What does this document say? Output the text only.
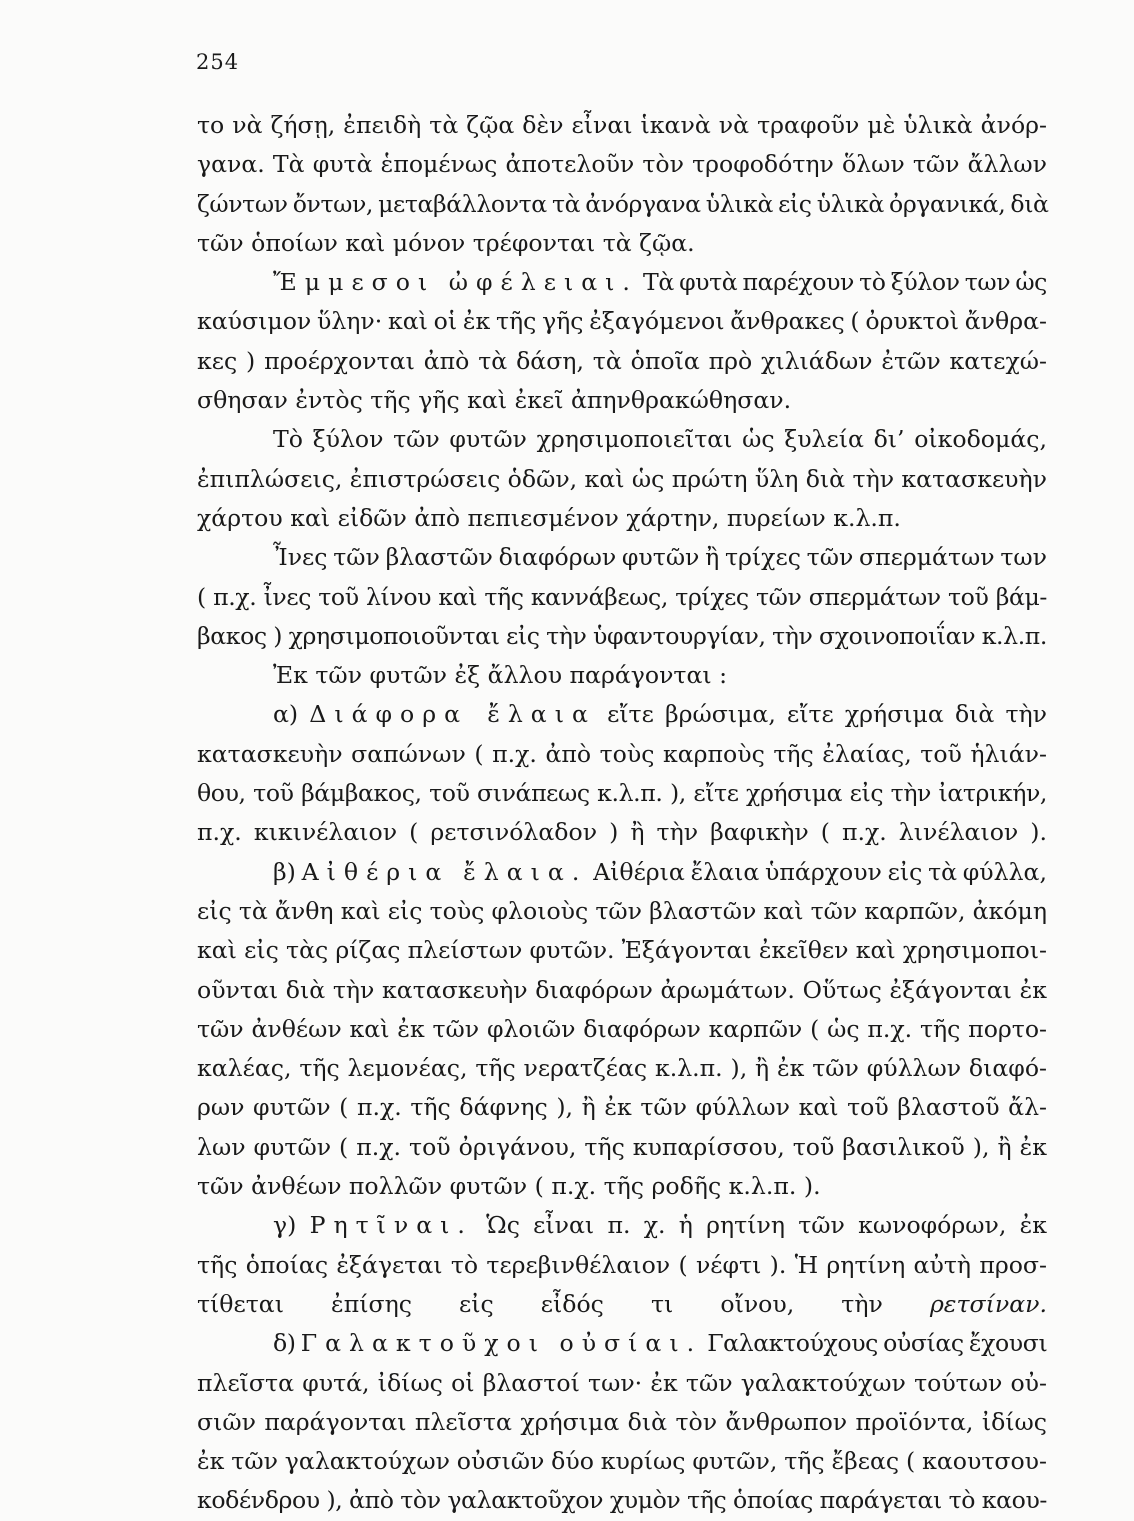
254
το νὰ ζήσῃ, ἐπειδὴ τὰ ζῷα δὲν εἶναι ἱκανὰ νὰ τραφοῦν μὲ ὑλικὰ ἀνόρ-
γανα. Τὰ φυτὰ ἑπομένως ἀποτελοῦν τὸν τροφοδότην ὅλων τῶν ἄλλων
ζώντων ὄντων, μεταβάλλοντα τὰ ἀνόργανα ὑλικὰ εἰς ὑλικὰ ὀργανικά, διὰ
τῶν ὁποίων καὶ μόνον τρέφονται τὰ ζῷα.
Ἔμμεσοι ὠφέλειαι. Τὰ φυτὰ παρέχουν τὸ ξύλον των ὡς
καύσιμον ὕλην· καὶ οἱ ἐκ τῆς γῆς ἐξαγόμενοι ἄνθρακες ( ὀρυκτοὶ ἄνθρα-
κες ) προέρχονται ἀπὸ τὰ δάση, τὰ ὁποῖα πρὸ χιλιάδων ἐτῶν κατεχώ-
σθησαν ἐντὸς τῆς γῆς καὶ ἐκεῖ ἀπηνθρακώθησαν.
Τὸ ξύλον τῶν φυτῶν χρησιμοποιεῖται ὡς ξυλεία δι’ οἰκοδομάς,
ἐπιπλώσεις, ἐπιστρώσεις ὁδῶν, καὶ ὡς πρώτη ὕλη διὰ τὴν κατασκευὴν
χάρτου καὶ εἰδῶν ἀπὸ πεπιεσμένον χάρτην, πυρείων κ.λ.π.
Ἶνες τῶν βλαστῶν διαφόρων φυτῶν ἢ τρίχες τῶν σπερμάτων των
( π.χ. ἶνες τοῦ λίνου καὶ τῆς καννάβεως, τρίχες τῶν σπερμάτων τοῦ βάμ-
βακος ) χρησιμοποιοῦνται εἰς τὴν ὑφαντουργίαν, τὴν σχοινοποιΐαν κ.λ.π.
Ἐκ τῶν φυτῶν ἐξ ἄλλου παράγονται :
α) Διάφορα ἔλαια εἴτε βρώσιμα, εἴτε χρήσιμα διὰ τὴν
κατασκευὴν σαπώνων ( π.χ. ἀπὸ τοὺς καρποὺς τῆς ἐλαίας, τοῦ ἡλιάν-
θου, τοῦ βάμβακος, τοῦ σινάπεως κ.λ.π. ), εἴτε χρήσιμα εἰς τὴν ἰατρικήν,
π.χ. κικινέλαιον ( ρετσινόλαδον ) ἢ τὴν βαφικὴν ( π.χ. λινέλαιον ).
β) Αἰθέρια ἔλαια. Αἰθέρια ἔλαια ὑπάρχουν εἰς τὰ φύλλα,
εἰς τὰ ἄνθη καὶ εἰς τοὺς φλοιοὺς τῶν βλαστῶν καὶ τῶν καρπῶν, ἀκόμη
καὶ εἰς τὰς ρίζας πλείστων φυτῶν. Ἐξάγονται ἐκεῖθεν καὶ χρησιμοποι-
οῦνται διὰ τὴν κατασκευὴν διαφόρων ἀρωμάτων. Οὕτως ἐξάγονται ἐκ
τῶν ἀνθέων καὶ ἐκ τῶν φλοιῶν διαφόρων καρπῶν ( ὡς π.χ. τῆς πορτο-
καλέας, τῆς λεμονέας, τῆς νερατζέας κ.λ.π. ), ἢ ἐκ τῶν φύλλων διαφό-
ρων φυτῶν ( π.χ. τῆς δάφνης ), ἢ ἐκ τῶν φύλλων καὶ τοῦ βλαστοῦ ἄλ-
λων φυτῶν ( π.χ. τοῦ ὀριγάνου, τῆς κυπαρίσσου, τοῦ βασιλικοῦ ), ἢ ἐκ
τῶν ἀνθέων πολλῶν φυτῶν ( π.χ. τῆς ροδῆς κ.λ.π. ).
γ) Ρητῖναι. Ὡς εἶναι π. χ. ἡ ρητίνη τῶν κωνοφόρων, ἐκ
τῆς ὁποίας ἐξάγεται τὸ τερεβινθέλαιον ( νέφτι ). Ἡ ρητίνη αὐτὴ προσ-
τίθεται ἐπίσης εἰς εἶδός τι οἴνου, τὴν ρετσίναν.
δ) Γαλακτοῦχοι οὐσίαι. Γαλακτούχους οὐσίας ἔχουσι
πλεῖστα φυτά, ἰδίως οἱ βλαστοί των· ἐκ τῶν γαλακτούχων τούτων οὐ-
σιῶν παράγονται πλεῖστα χρήσιμα διὰ τὸν ἄνθρωπον προϊόντα, ἰδίως
ἐκ τῶν γαλακτούχων οὐσιῶν δύο κυρίως φυτῶν, τῆς ἔβεας ( καουτσου-
κοδένδρου ), ἀπὸ τὸν γαλακτοῦχον χυμὸν τῆς ὁποίας παράγεται τὸ καου-
